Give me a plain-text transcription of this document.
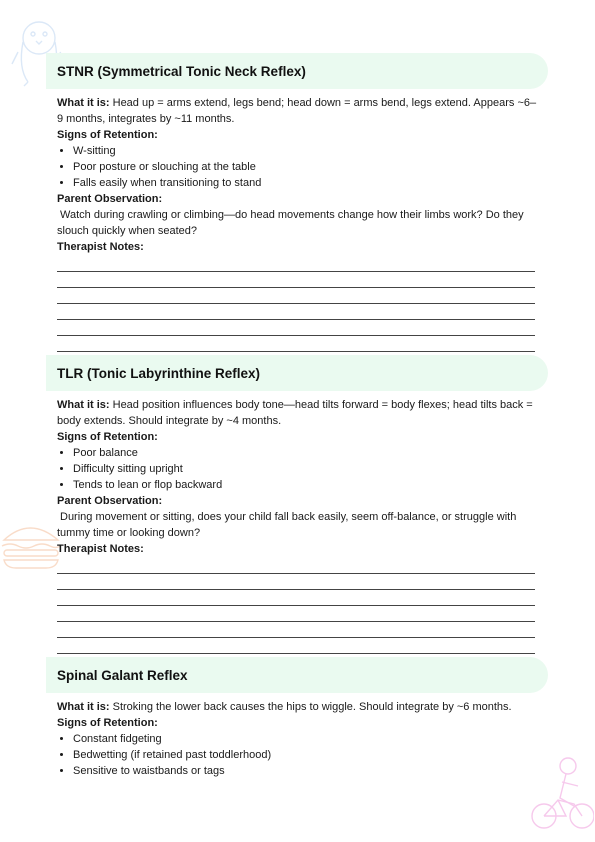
STNR (Symmetrical Tonic Neck Reflex)

What it is: Head up = arms extend, legs bend; head down = arms bend, legs extend. Appears ~6–9 months, integrates by ~11 months.

Signs of Retention:

• W-sitting
• Poor posture or slouching at the table
• Falls easily when transitioning to stand

Parent Observation:

Watch during crawling or climbing—do head movements change how their limbs work? Do they slouch quickly when seated?

Therapist Notes:

TLR (Tonic Labyrinthine Reflex)

What it is: Head position influences body tone—head tilts forward = body flexes; head tilts back = body extends. Should integrate by ~4 months.

Signs of Retention:

• Poor balance
• Difficulty sitting upright
• Tends to lean or flop backward

Parent Observation:

During movement or sitting, does your child fall back easily, seem off-balance, or struggle with tummy time or looking down?

Therapist Notes:

Spinal Galant Reflex

What it is: Stroking the lower back causes the hips to wiggle. Should integrate by ~6 months.

Signs of Retention:

• Constant fidgeting
• Bedwetting (if retained past toddlerhood)
• Sensitive to waistbands or tags
